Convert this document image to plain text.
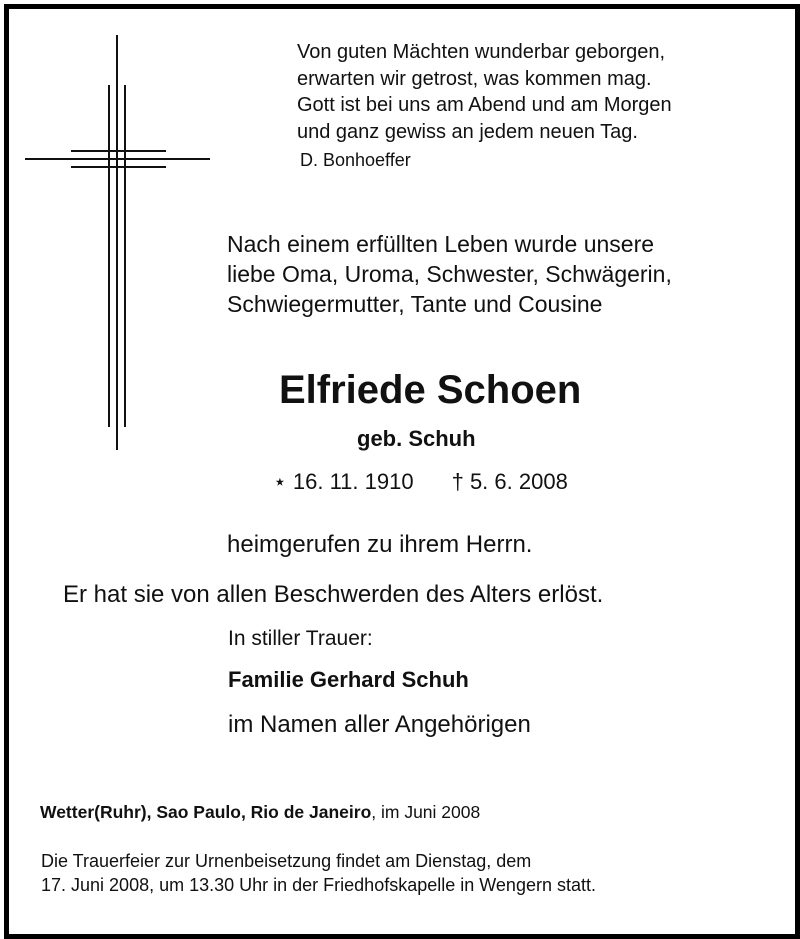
Von guten Mächten wunderbar geborgen,
erwarten wir getrost, was kommen mag.
Gott ist bei uns am Abend und am Morgen
und ganz gewiss an jedem neuen Tag.
D. Bonhoeffer
Nach einem erfüllten Leben wurde unsere
liebe Oma, Uroma, Schwester, Schwägerin,
Schwiegermutter, Tante und Cousine
Elfriede Schoen
geb. Schuh
⋆ 16. 11. 1910 † 5. 6. 2008
heimgerufen zu ihrem Herrn.
Er hat sie von allen Beschwerden des Alters erlöst.
In stiller Trauer:
Familie Gerhard Schuh
im Namen aller Angehörigen
Wetter(Ruhr), Sao Paulo, Rio de Janeiro, im Juni 2008
Die Trauerfeier zur Urnenbeisetzung findet am Dienstag, dem
17. Juni 2008, um 13.30 Uhr in der Friedhofskapelle in Wengern statt.
